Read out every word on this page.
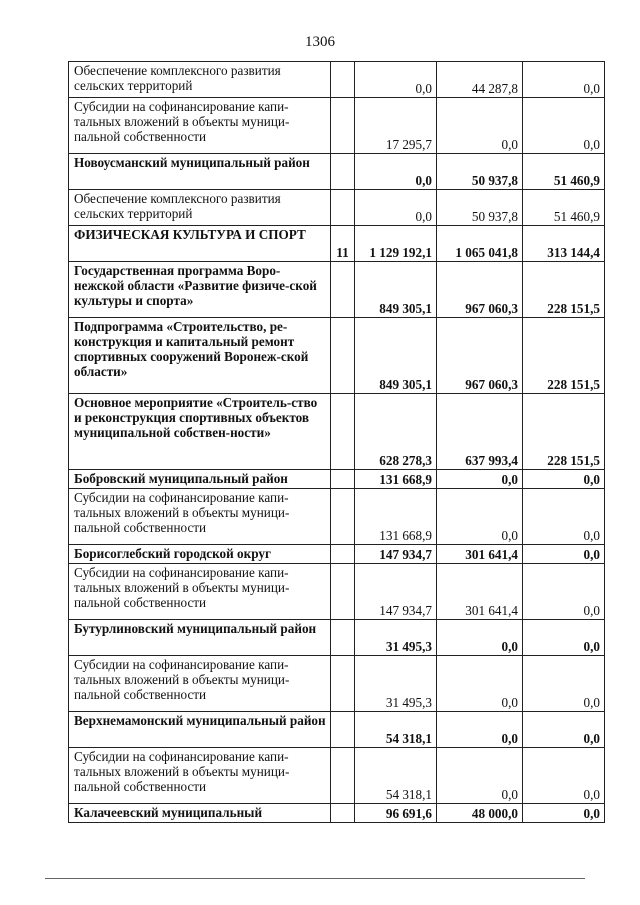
1306
Обеспечение комплексного развития сельских территорий		0,0	44 287,8	0,0
Субсидии на софинансирование капи-тальных вложений в объекты муници-пальной собственности		17 295,7	0,0	0,0
Новоусманский муниципальный район		0,0	50 937,8	51 460,9
Обеспечение комплексного развития сельских территорий		0,0	50 937,8	51 460,9
ФИЗИЧЕСКАЯ КУЛЬТУРА И СПОРТ	11	1 129 192,1	1 065 041,8	313 144,4
Государственная программа Воро-нежской области «Развитие физиче-ской культуры и спорта»		849 305,1	967 060,3	228 151,5
Подпрограмма «Строительство, ре-конструкция и капитальный ремонт спортивных сооружений Воронеж-ской области»		849 305,1	967 060,3	228 151,5
Основное мероприятие «Строитель-ство и реконструкция спортивных объектов муниципальной собствен-ности»		628 278,3	637 993,4	228 151,5
Бобровский муниципальный район		131 668,9	0,0	0,0
Субсидии на софинансирование капи-тальных вложений в объекты муници-пальной собственности		131 668,9	0,0	0,0
Борисоглебский городской округ		147 934,7	301 641,4	0,0
Субсидии на софинансирование капи-тальных вложений в объекты муници-пальной собственности		147 934,7	301 641,4	0,0
Бутурлиновский муниципальный район		31 495,3	0,0	0,0
Субсидии на софинансирование капи-тальных вложений в объекты муници-пальной собственности		31 495,3	0,0	0,0
Верхнемамонский муниципальный район		54 318,1	0,0	0,0
Субсидии на софинансирование капи-тальных вложений в объекты муници-пальной собственности		54 318,1	0,0	0,0
Калачеевский муниципальный		96 691,6	48 000,0	0,0
